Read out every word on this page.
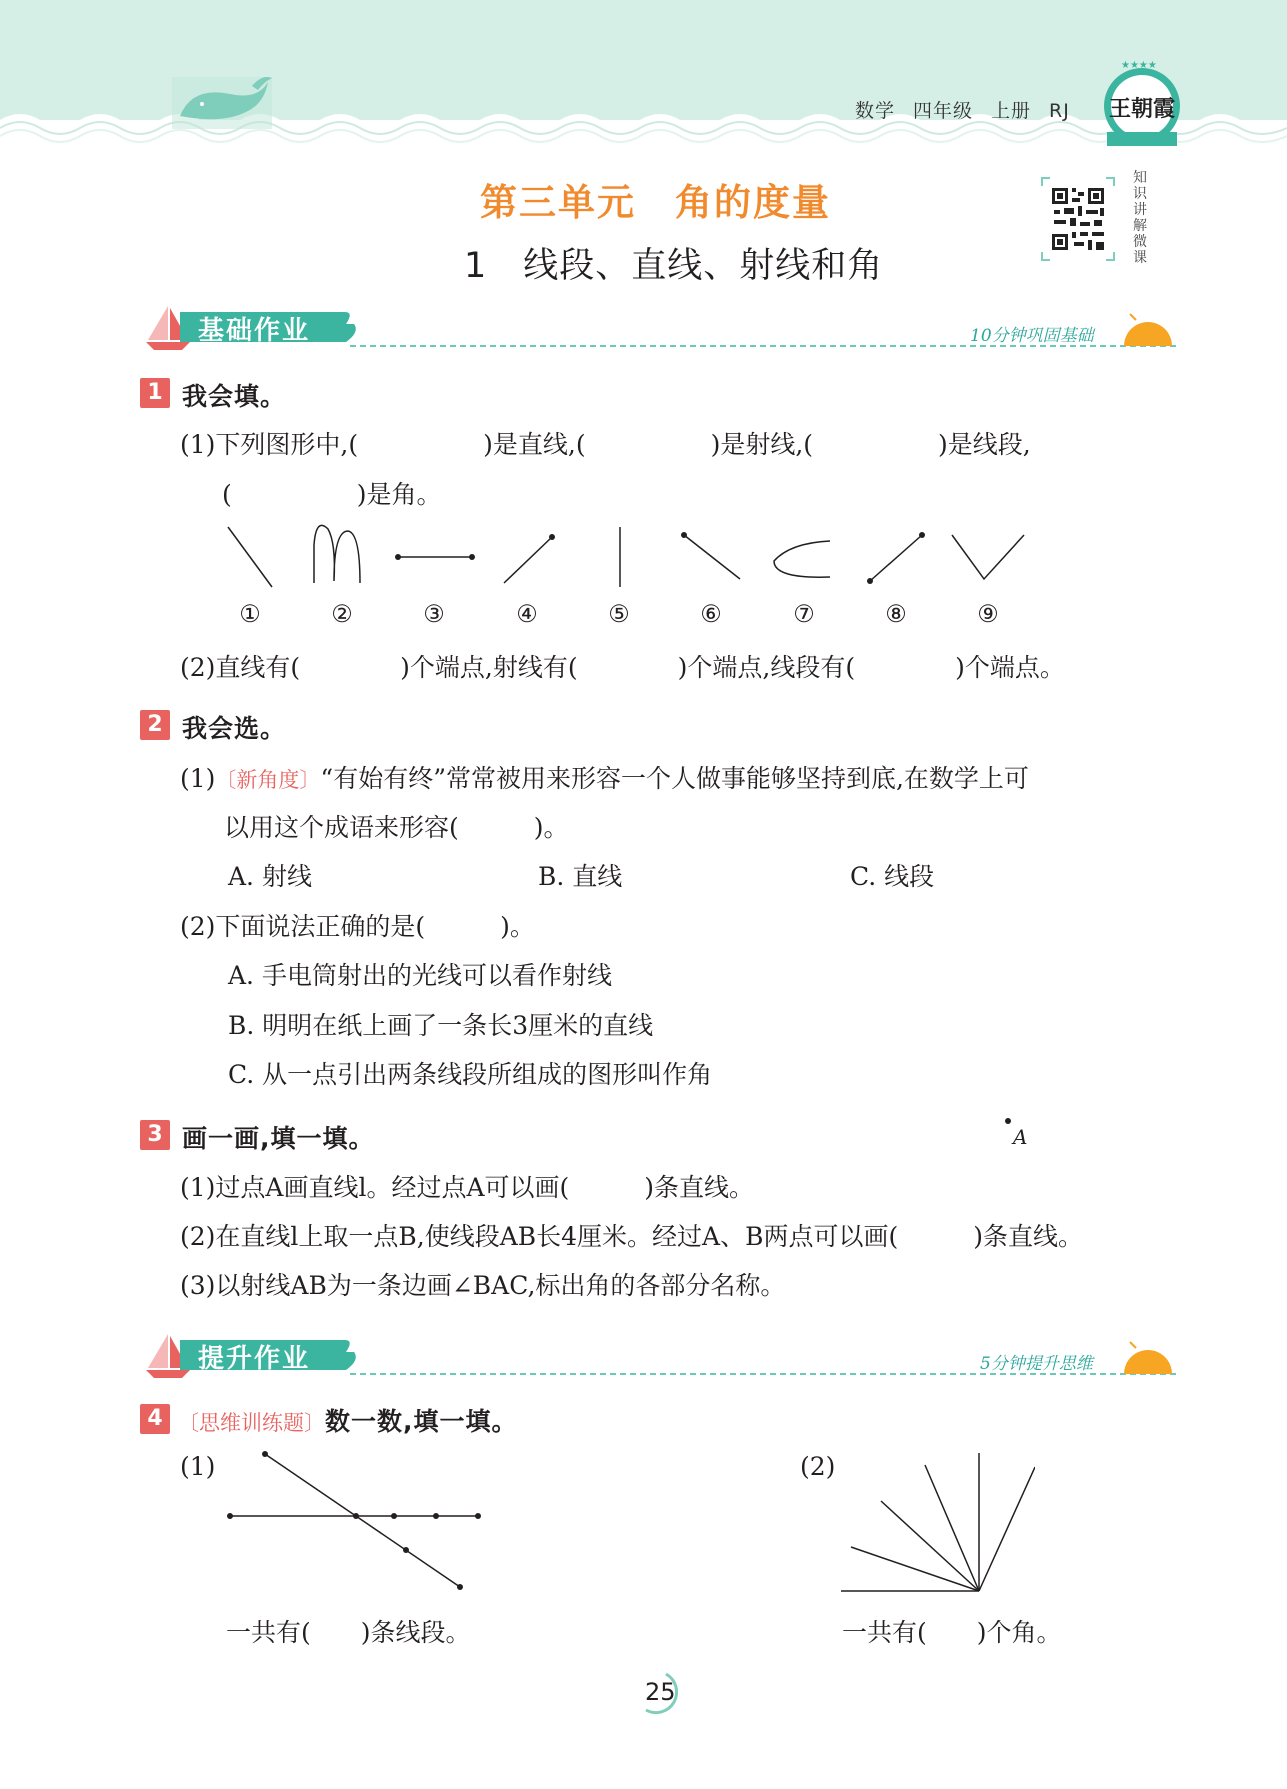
数学 四年级 上册 RJ
★★★★
王朝霞
第三单元　角的度量
1　线段、直线、射线和角
知
识
讲
解
微
课
基础作业	10分钟巩固基础
1 我会填。
(1)下列图形中,(　　　　　)是直线,(　　　　　)是射线,(　　　　　)是线段,
(　　　　　)是角。
①	②	③	④	⑤	⑥	⑦	⑧	⑨
(2)直线有(　　　　)个端点,射线有(　　　　)个端点,线段有(　　　　)个端点。
2 我会选。
(1)〔新角度〕“有始有终”常常被用来形容一个人做事能够坚持到底,在数学上可
以用这个成语来形容(　　　)。
A. 射线	B. 直线	C. 线段
(2)下面说法正确的是(　　　)。
A. 手电筒射出的光线可以看作射线
B. 明明在纸上画了一条长3厘米的直线
C. 从一点引出两条线段所组成的图形叫作角
3 画一画,填一填。	A
(1)过点A画直线l。经过点A可以画(　　　)条直线。
(2)在直线l上取一点B,使线段AB长4厘米。经过A、B两点可以画(　　　)条直线。
(3)以射线AB为一条边画∠BAC,标出角的各部分名称。
提升作业	5分钟提升思维
4 〔思维训练题〕数一数,填一填。
(1)
一共有(　　)条线段。
(2)
一共有(　　)个角。
25
